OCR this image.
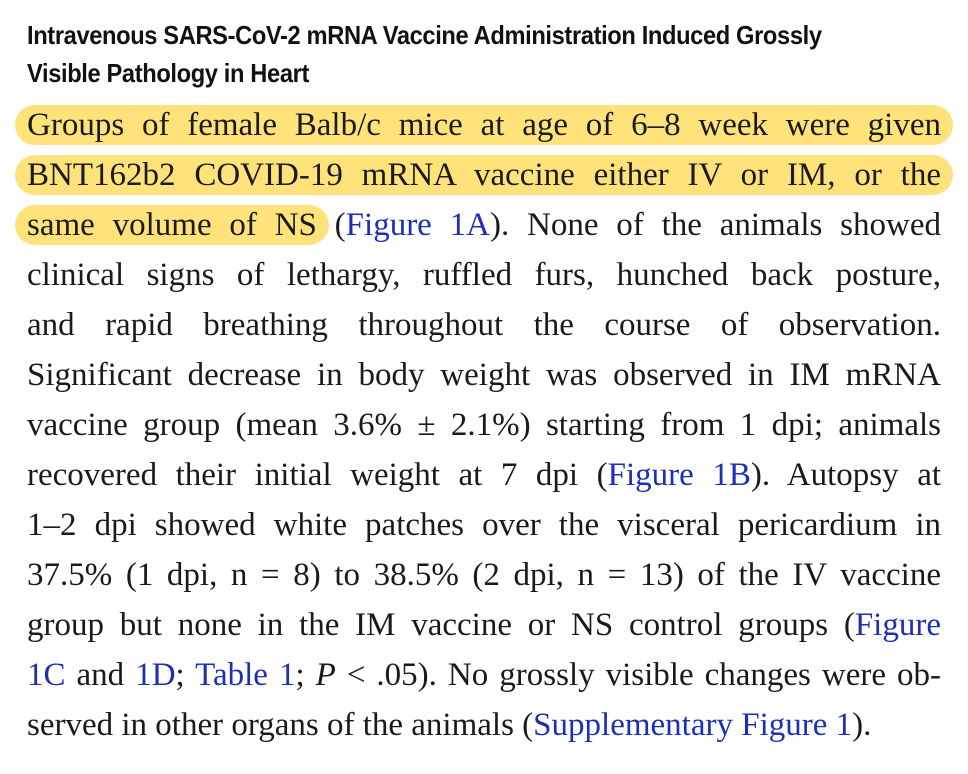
Intravenous SARS-CoV-2 mRNA Vaccine Administration Induced Grossly
Visible Pathology in Heart
Groups of female Balb/c mice at age of 6–8 week were given
BNT162b2 COVID-19 mRNA vaccine either IV or IM, or the
same volume of NS (Figure 1A). None of the animals showed
clinical signs of lethargy, ruffled furs, hunched back posture,
and rapid breathing throughout the course of observation.
Significant decrease in body weight was observed in IM mRNA
vaccine group (mean 3.6% ± 2.1%) starting from 1 dpi; animals
recovered their initial weight at 7 dpi (Figure 1B). Autopsy at
1–2 dpi showed white patches over the visceral pericardium in
37.5% (1 dpi, n = 8) to 38.5% (2 dpi, n = 13) of the IV vaccine
group but none in the IM vaccine or NS control groups (Figure
1C and 1D; Table 1; P < .05). No grossly visible changes were ob-
served in other organs of the animals (Supplementary Figure 1).
